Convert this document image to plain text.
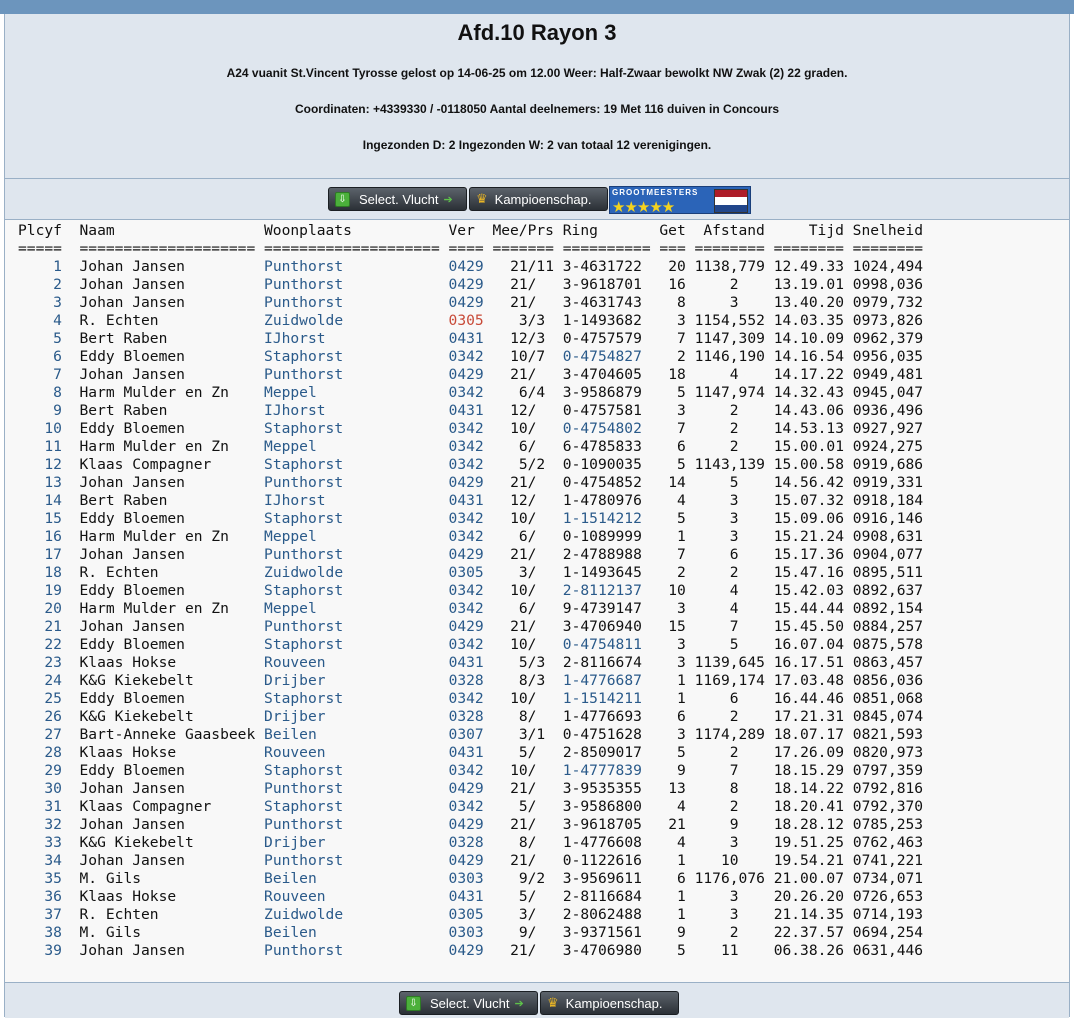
Afd.10 Rayon 3
A24 vuanit St.Vincent Tyrosse gelost op 14-06-25 om 12.00 Weer: Half-Zwaar bewolkt NW Zwak (2) 22 graden.
Coordinaten: +4339330 / -0118050 Aantal deelnemers: 19 Met 116 duiven in Concours
Ingezonden D: 2 Ingezonden W: 2 van totaal 12 verenigingen.
⇩ Select. Vlucht ➔ ♛ Kampioenschap.	GROOTMEESTERS
★★★★★
Plcyf  Naam                 Woonplaats           Ver  Mee/Prs Ring       Get  Afstand     Tijd Snelheid
=====  ==================== ==================== ==== ======= ========== === ======== ======== ========
1 Johan Jansen         Punthorst	0429   21/11 3-4631722   20 1138,779 12.49.33 1024,494
2 Johan Jansen         Punthorst	0429   21/   3-9618701   16     2    13.19.01 0998,036
3 Johan Jansen         Punthorst	0429   21/   3-4631743    8     3    13.40.20 0979,732
4 R. Echten            Zuidwolde	0305    3/3  1-1493682    3 1154,552 14.03.35 0973,826
5 Bert Raben           IJhorst	0431   12/3  0-4757579    7 1147,309 14.10.09 0962,379
6 Eddy Bloemen         Staphorst	0342   10/7  0-4754827    2 1146,190 14.16.54 0956,035
7 Johan Jansen         Punthorst	0429   21/   3-4704605   18     4    14.17.22 0949,481
8 Harm Mulder en Zn    Meppel	0342    6/4  3-9586879    5 1147,974 14.32.43 0945,047
9 Bert Raben           IJhorst	0431   12/   0-4757581    3     2    14.43.06 0936,496
10 Eddy Bloemen         Staphorst	0342   10/   0-4754802    7     2    14.53.13 0927,927
11 Harm Mulder en Zn    Meppel	0342    6/   6-4785833    6     2    15.00.01 0924,275
12 Klaas Compagner      Staphorst	0342    5/2  0-1090035    5 1143,139 15.00.58 0919,686
13 Johan Jansen         Punthorst	0429   21/   0-4754852   14     5    14.56.42 0919,331
14 Bert Raben           IJhorst	0431   12/   1-4780976    4     3    15.07.32 0918,184
15 Eddy Bloemen         Staphorst	0342   10/   1-1514212    5     3    15.09.06 0916,146
16 Harm Mulder en Zn    Meppel	0342    6/   0-1089999    1     3    15.21.24 0908,631
17 Johan Jansen         Punthorst	0429   21/   2-4788988    7     6    15.17.36 0904,077
18 R. Echten            Zuidwolde	0305    3/   1-1493645    2     2    15.47.16 0895,511
19 Eddy Bloemen         Staphorst	0342   10/   2-8112137   10     4    15.42.03 0892,637
20 Harm Mulder en Zn    Meppel	0342    6/   9-4739147    3     4    15.44.44 0892,154
21 Johan Jansen         Punthorst	0429   21/   3-4706940   15     7    15.45.50 0884,257
22 Eddy Bloemen         Staphorst	0342   10/   0-4754811    3     5    16.07.04 0875,578
23 Klaas Hokse          Rouveen	0431    5/3  2-8116674    3 1139,645 16.17.51 0863,457
24 K&G Kiekebelt        Drijber	0328    8/3  1-4776687    1 1169,174 17.03.48 0856,036
25 Eddy Bloemen         Staphorst	0342   10/   1-1514211    1     6    16.44.46 0851,068
26 K&G Kiekebelt        Drijber	0328    8/   1-4776693    6     2    17.21.31 0845,074
27 Bart-Anneke Gaasbeek Beilen	0307    3/1  0-4751628    3 1174,289 18.07.17 0821,593
28 Klaas Hokse          Rouveen	0431    5/   2-8509017    5     2    17.26.09 0820,973
29 Eddy Bloemen         Staphorst	0342   10/   1-4777839    9     7    18.15.29 0797,359
30 Johan Jansen         Punthorst	0429   21/   3-9535355   13     8    18.14.22 0792,816
31 Klaas Compagner      Staphorst	0342    5/   3-9586800    4     2    18.20.41 0792,370
32 Johan Jansen         Punthorst	0429   21/   3-9618705   21     9    18.28.12 0785,253
33 K&G Kiekebelt        Drijber	0328    8/   1-4776608    4     3    19.51.25 0762,463
34 Johan Jansen         Punthorst	0429   21/   0-1122616    1    10    19.54.21 0741,221
35 M. Gils              Beilen	0303    9/2  3-9569611    6 1176,076 21.00.07 0734,071
36 Klaas Hokse          Rouveen	0431    5/   2-8116684    1     3    20.26.20 0726,653
37 R. Echten            Zuidwolde	0305    3/   2-8062488    1     3    21.14.35 0714,193
38 M. Gils              Beilen	0303    9/   3-9371561    9     2    22.37.57 0694,254
39 Johan Jansen         Punthorst	0429   21/   3-4706980    5    11    06.38.26 0631,446

⇩ Select. Vlucht ➔ ♛ Kampioenschap.
